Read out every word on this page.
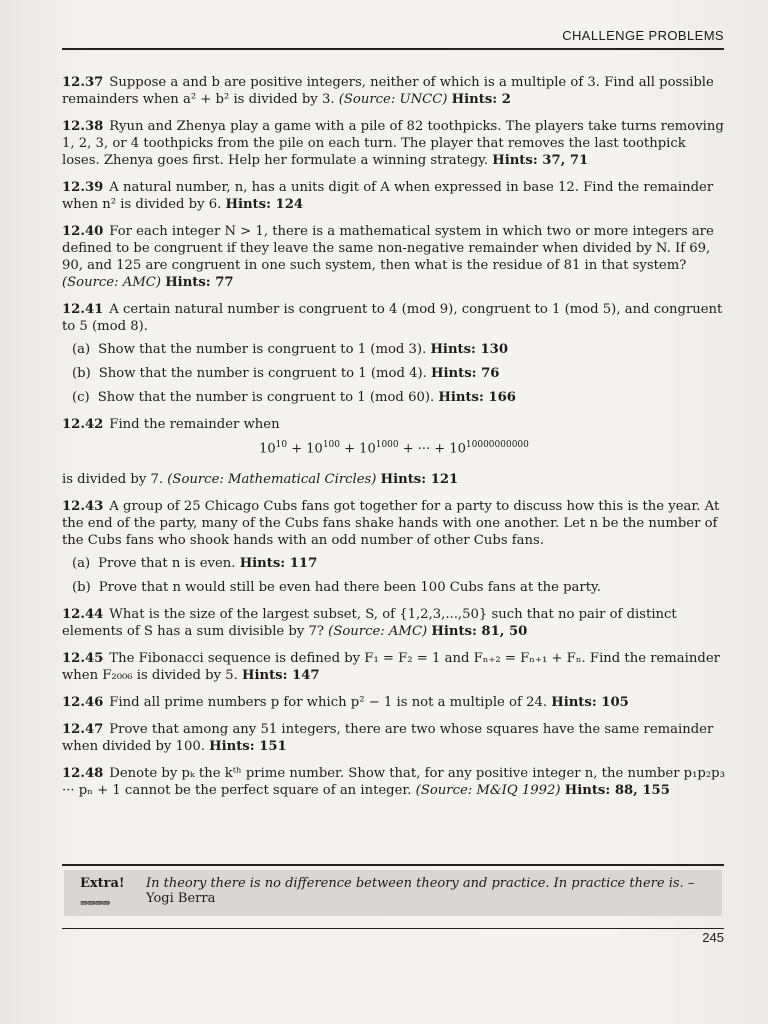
CHALLENGE PROBLEMS

12.37 Suppose a and b are positive integers, neither of which is a multiple of 3. Find all possible remainders when a² + b² is divided by 3. (Source: UNCC) Hints: 2

12.38 Ryun and Zhenya play a game with a pile of 82 toothpicks. The players take turns removing 1, 2, 3, or 4 toothpicks from the pile on each turn. The player that removes the last toothpick loses. Zhenya goes first. Help her formulate a winning strategy. Hints: 37, 71

12.39 A natural number, n, has a units digit of A when expressed in base 12. Find the remainder when n² is divided by 6. Hints: 124

12.40 For each integer N > 1, there is a mathematical system in which two or more integers are defined to be congruent if they leave the same non-negative remainder when divided by N. If 69, 90, and 125 are congruent in one such system, then what is the residue of 81 in that system? (Source: AMC) Hints: 77

12.41 A certain natural number is congruent to 4 (mod 9), congruent to 1 (mod 5), and congruent to 5 (mod 8).

(a) Show that the number is congruent to 1 (mod 3). Hints: 130

(b) Show that the number is congruent to 1 (mod 4). Hints: 76

(c) Show that the number is congruent to 1 (mod 60). Hints: 166

12.42 Find the remainder when

$10^{10} + 10^{100} + 10^{1000}$ + ··· + $10^{10000000000}$

is divided by 7. (Source: Mathematical Circles) Hints: 121

12.43 A group of 25 Chicago Cubs fans got together for a party to discuss how this is the year. At the end of the party, many of the Cubs fans shake hands with one another. Let n be the number of the Cubs fans who shook hands with an odd number of other Cubs fans.

(a) Prove that n is even. Hints: 117

(b) Prove that n would still be even had there been 100 Cubs fans at the party.

12.44 What is the size of the largest subset, S, of {1,2,3,...,50} such that no pair of distinct elements of S has a sum divisible by 7? (Source: AMC) Hints: 81, 50

12.45 The Fibonacci sequence is defined by F₁ = F₂ = 1 and Fₙ₊₂ = Fₙ₊₁ + Fₙ. Find the remainder when F₂₀₀₆ is divided by 5. Hints: 147

12.46 Find all prime numbers p for which p² − 1 is not a multiple of 24. Hints: 105

12.47 Prove that among any 51 integers, there are two whose squares have the same remainder when divided by 100. Hints: 151

12.48 Denote by pₖ the kᵗʰ prime number. Show that, for any positive integer n, the number p₁p₂p₃ ··· pₙ + 1 cannot be the perfect square of an integer. (Source: M&IQ 1992) Hints: 88, 155

Extra! In theory there is no difference between theory and practice. In practice there is. – Yogi Berra
⇛⇛⇛⇛
245
